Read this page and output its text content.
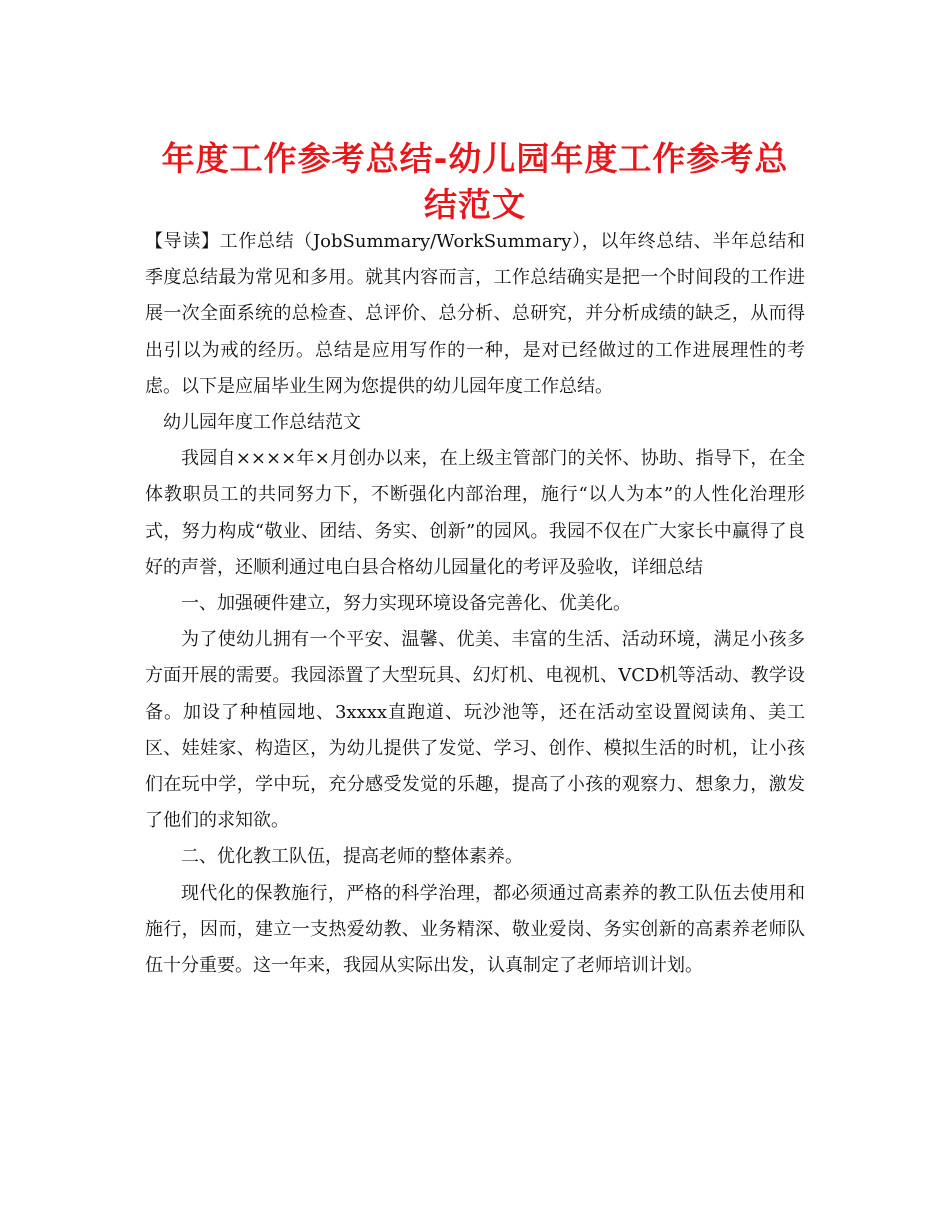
年度工作参考总结-幼儿园年度工作参考总结范文

【导读】工作总结（JobSummary/WorkSummary），以年终总结、半年总结和季度总结最为常见和多用。就其内容而言，工作总结确实是把一个时间段的工作进展一次全面系统的总检查、总评价、总分析、总研究，并分析成绩的缺乏，从而得出引以为戒的经历。总结是应用写作的一种，是对已经做过的工作进展理性的考虑。以下是应届毕业生网为您提供的幼儿园年度工作总结。

幼儿园年度工作总结范文

我园自××××年×月创办以来，在上级主管部门的关怀、协助、指导下，在全体教职员工的共同努力下，不断强化内部治理，施行“以人为本”的人性化治理形式，努力构成“敬业、团结、务实、创新”的园风。我园不仅在广大家长中赢得了良好的声誉，还顺利通过电白县合格幼儿园量化的考评及验收，详细总结

一、加强硬件建立，努力实现环境设备完善化、优美化。

为了使幼儿拥有一个平安、温馨、优美、丰富的生活、活动环境，满足小孩多方面开展的需要。我园添置了大型玩具、幻灯机、电视机、VCD机等活动、教学设备。加设了种植园地、3xxxx直跑道、玩沙池等，还在活动室设置阅读角、美工区、娃娃家、构造区，为幼儿提供了发觉、学习、创作、模拟生活的时机，让小孩们在玩中学，学中玩，充分感受发觉的乐趣，提高了小孩的观察力、想象力，激发了他们的求知欲。

二、优化教工队伍，提高老师的整体素养。

现代化的保教施行，严格的科学治理，都必须通过高素养的教工队伍去使用和施行，因而，建立一支热爱幼教、业务精深、敬业爱岗、务实创新的高素养老师队伍十分重要。这一年来，我园从实际出发，认真制定了老师培训计划。
